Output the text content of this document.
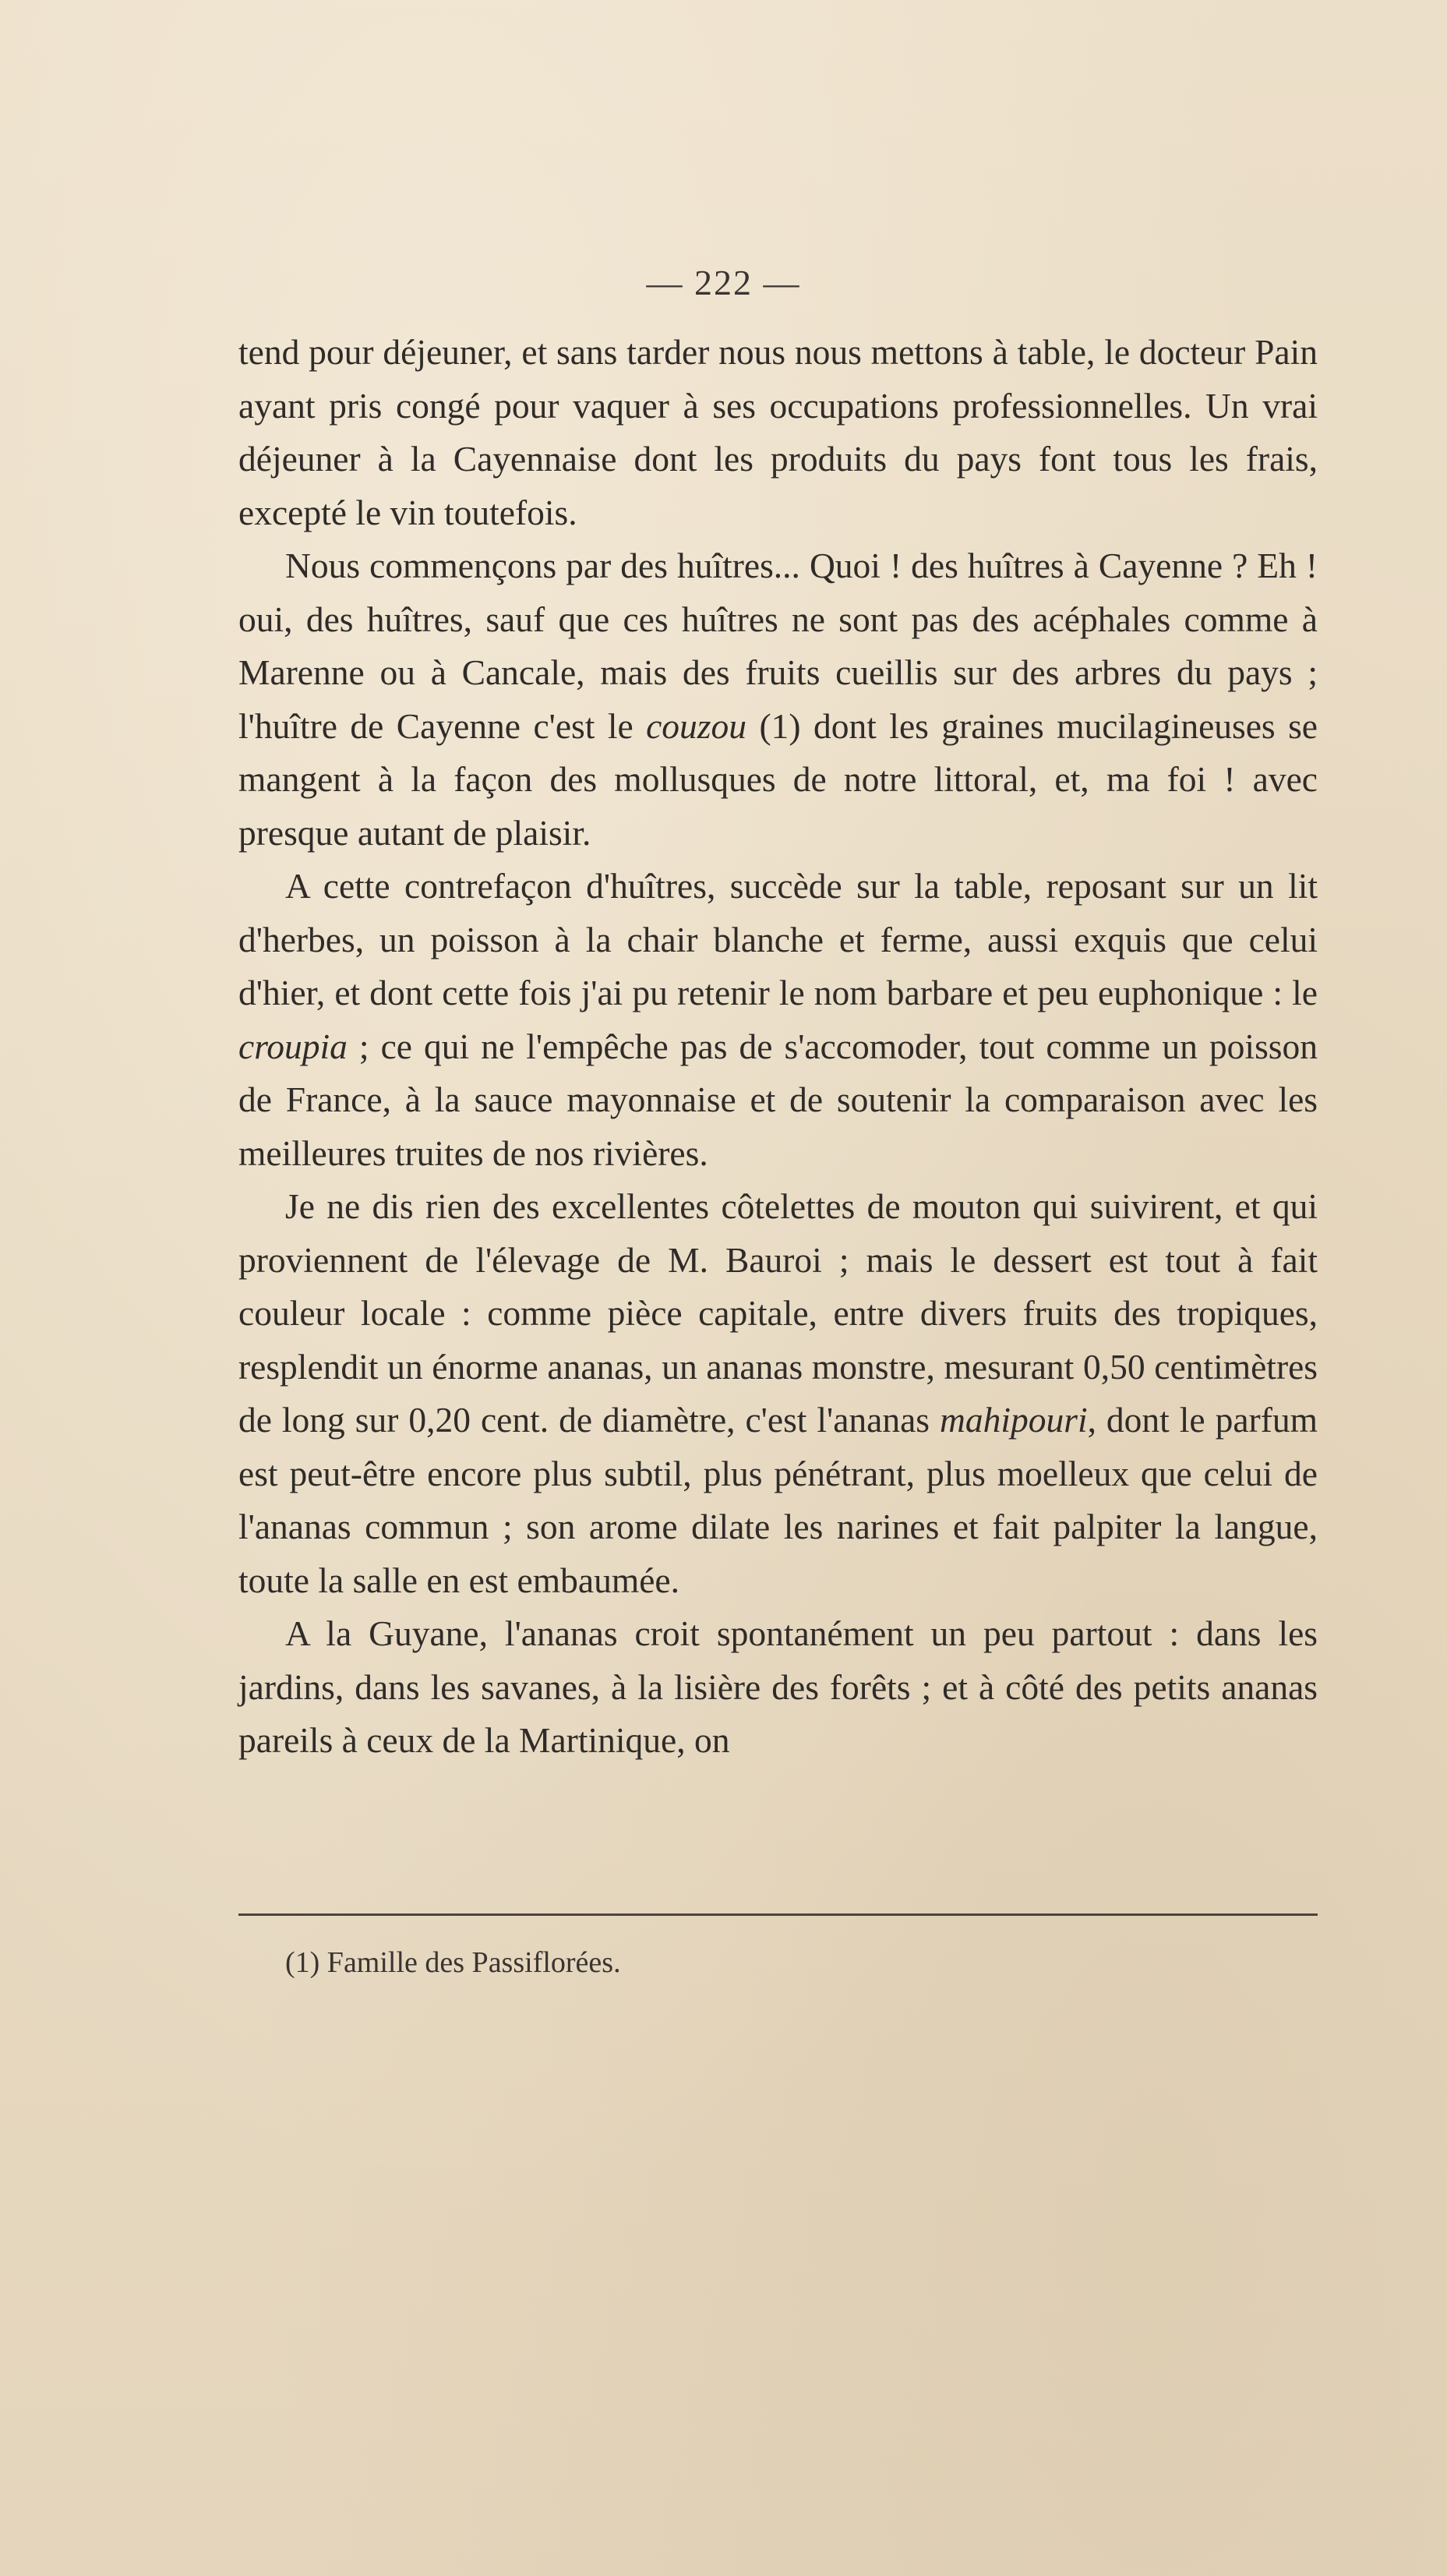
— 222 —

tend pour déjeuner, et sans tarder nous nous mettons à table, le docteur Pain ayant pris congé pour vaquer à ses occupations professionnelles. Un vrai déjeuner à la Cayennaise dont les produits du pays font tous les frais, excepté le vin toutefois.

Nous commençons par des huîtres... Quoi ! des huîtres à Cayenne ? Eh ! oui, des huîtres, sauf que ces huîtres ne sont pas des acéphales comme à Marenne ou à Cancale, mais des fruits cueillis sur des arbres du pays ; l'huître de Cayenne c'est le couzou (1) dont les graines mucilagineuses se mangent à la façon des mollusques de notre littoral, et, ma foi ! avec presque autant de plaisir.

A cette contrefaçon d'huîtres, succède sur la table, reposant sur un lit d'herbes, un poisson à la chair blanche et ferme, aussi exquis que celui d'hier, et dont cette fois j'ai pu retenir le nom barbare et peu euphonique : le croupia ; ce qui ne l'empêche pas de s'accomoder, tout comme un poisson de France, à la sauce mayonnaise et de soutenir la comparaison avec les meilleures truites de nos rivières.

Je ne dis rien des excellentes côtelettes de mouton qui suivirent, et qui proviennent de l'élevage de M. Bauroi ; mais le dessert est tout à fait couleur locale : comme pièce capitale, entre divers fruits des tropiques, resplendit un énorme ananas, un ananas monstre, mesurant 0,50 centimètres de long sur 0,20 cent. de diamètre, c'est l'ananas mahipouri, dont le parfum est peut-être encore plus subtil, plus pénétrant, plus moelleux que celui de l'ananas commun ; son arome dilate les narines et fait palpiter la langue, toute la salle en est embaumée.

A la Guyane, l'ananas croit spontanément un peu partout : dans les jardins, dans les savanes, à la lisière des forêts ; et à côté des petits ananas pareils à ceux de la Martinique, on

(1) Famille des Passiflorées.
